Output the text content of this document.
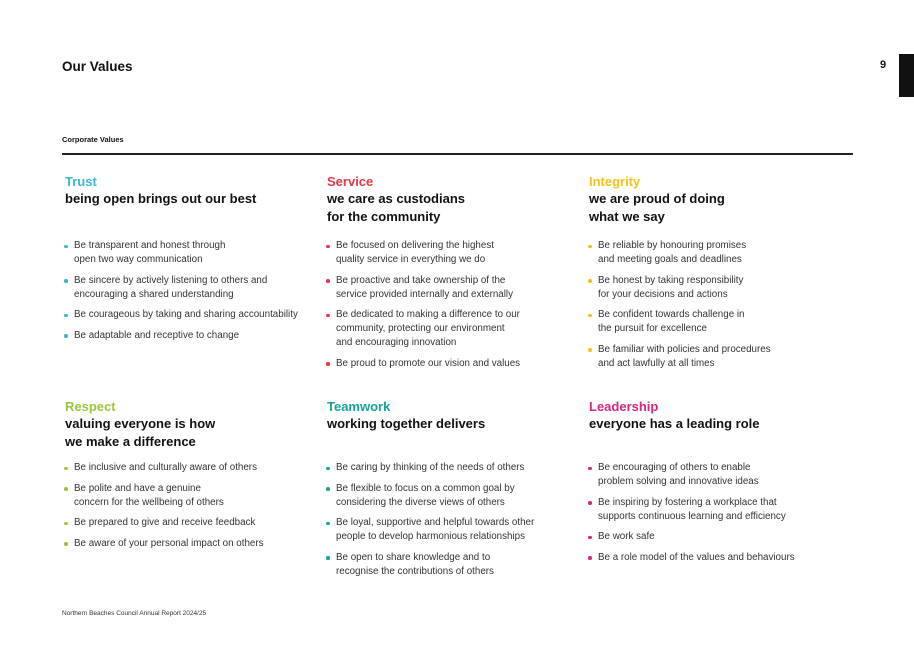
Our Values	9
Corporate Values
Trust
being open brings out our best
Be transparent and honest through
open two way communication
Be sincere by actively listening to others and
encouraging a shared understanding
Be courageous by taking and sharing accountability
Be adaptable and receptive to change
Service
we care as custodians
for the community
Be focused on delivering the highest
quality service in everything we do
Be proactive and take ownership of the
service provided internally and externally
Be dedicated to making a difference to our
community, protecting our environment
and encouraging innovation
Be proud to promote our vision and values
Integrity
we are proud of doing
what we say
Be reliable by honouring promises
and meeting goals and deadlines
Be honest by taking responsibility
for your decisions and actions
Be confident towards challenge in
the pursuit for excellence
Be familiar with policies and procedures
and act lawfully at all times
Respect
valuing everyone is how
we make a difference
Be inclusive and culturally aware of others
Be polite and have a genuine
concern for the wellbeing of others
Be prepared to give and receive feedback
Be aware of your personal impact on others
Teamwork
working together delivers
Be caring by thinking of the needs of others
Be flexible to focus on a common goal by
considering the diverse views of others
Be loyal, supportive and helpful towards other
people to develop harmonious relationships
Be open to share knowledge and to
recognise the contributions of others
Leadership
everyone has a leading role
Be encouraging of others to enable
problem solving and innovative ideas
Be inspiring by fostering a workplace that
supports continuous learning and efficiency
Be work safe
Be a role model of the values and behaviours
Northern Beaches Council Annual Report 2024/25
